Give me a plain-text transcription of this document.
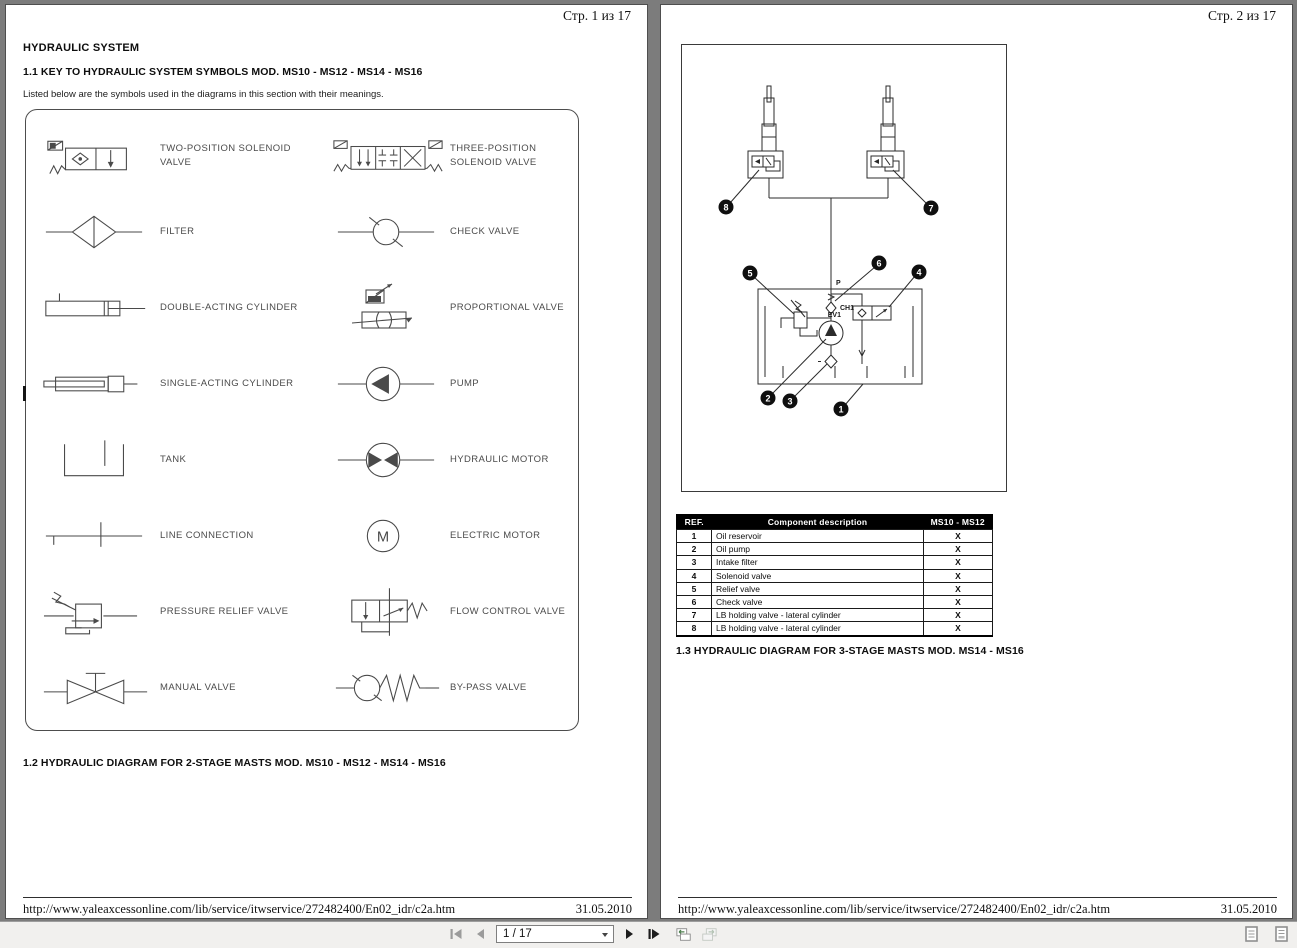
Стр. 1 из 17
HYDRAULIC SYSTEM
1.1 KEY TO HYDRAULIC SYSTEM SYMBOLS MOD. MS10 - MS12 - MS14 - MS16
Listed below are the symbols used in the diagrams in this section with their meanings.
TWO-POSITION SOLENOID VALVE
THREE-POSITION SOLENOID VALVE
FILTER	CHECK VALVE
DOUBLE-ACTING CYLINDER	PROPORTIONAL VALVE
SINGLE-ACTING CYLINDER	PUMP
TANK	HYDRAULIC MOTOR
LINE CONNECTION	M	ELECTRIC MOTOR
PRESSURE RELIEF VALVE	FLOW CONTROL VALVE
MANUAL VALVE	BY-PASS VALVE
1.2 HYDRAULIC DIAGRAM FOR 2-STAGE MASTS MOD. MS10 - MS12 - MS14 - MS16
http://www.yaleaxcessonline.com/lib/service/itwservice/272482400/En02_idr/c2a.htm	31.05.2010
Стр. 2 из 17
P
CH1
EV1
8	7
5
6
4
2 3
1
REF.	Component description	MS10 - MS12
1	Oil reservoir	X
2	Oil pump	X
3	Intake filter	X
4	Solenoid valve	X
5	Relief valve	X
6	Check valve	X
7	LB holding valve - lateral cylinder	X
8	LB holding valve - lateral cylinder	X
1.3 HYDRAULIC DIAGRAM FOR 3-STAGE MASTS MOD. MS14 - MS16
http://www.yaleaxcessonline.com/lib/service/itwservice/272482400/En02_idr/c2a.htm	31.05.2010
1 / 17
